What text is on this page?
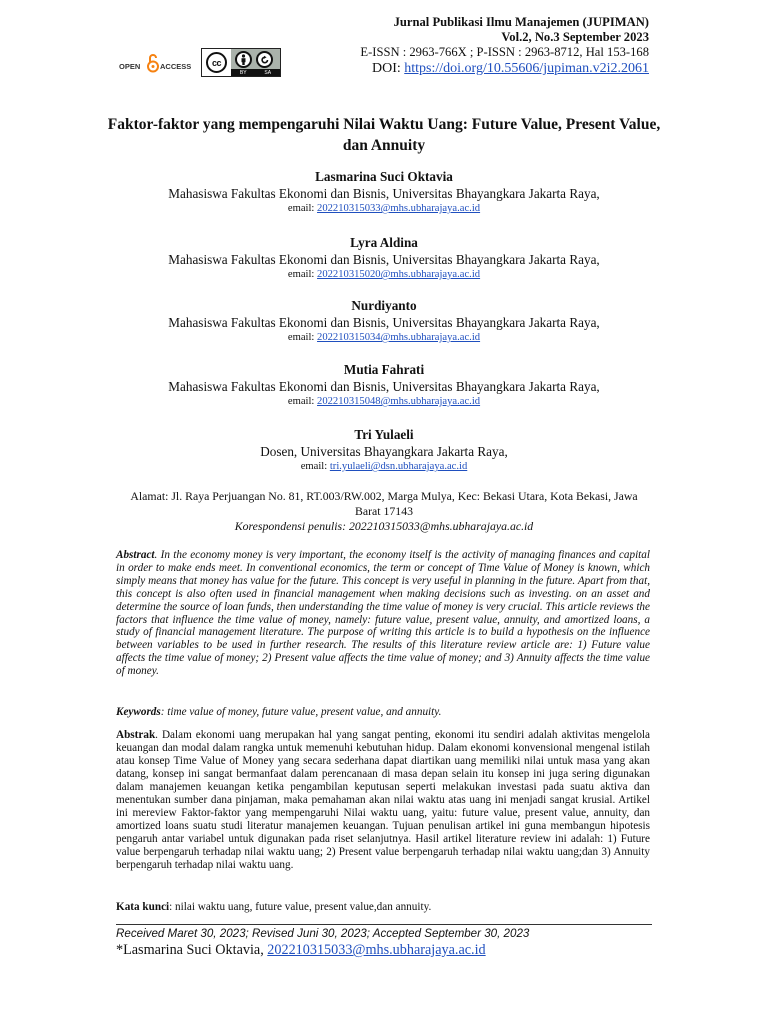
Jurnal Publikasi Ilmu Manajemen (JUPIMAN)
Vol.2, No.3 September 2023
E-ISSN : 2963-766X ; P-ISSN : 2963-8712, Hal 153-168
DOI: https://doi.org/10.55606/jupiman.v2i2.2061
OPEN	ACCESS	cc
BY	SA
Faktor-faktor yang mempengaruhi Nilai Waktu Uang: Future Value, Present Value, dan Annuity
Lasmarina Suci Oktavia
Mahasiswa Fakultas Ekonomi dan Bisnis, Universitas Bhayangkara Jakarta Raya,
email: 202210315033@mhs.ubharajaya.ac.id
Lyra Aldina
Mahasiswa Fakultas Ekonomi dan Bisnis, Universitas Bhayangkara Jakarta Raya,
email: 202210315020@mhs.ubharajaya.ac.id
Nurdiyanto
Mahasiswa Fakultas Ekonomi dan Bisnis, Universitas Bhayangkara Jakarta Raya,
email: 202210315034@mhs.ubharajaya.ac.id
Mutia Fahrati
Mahasiswa Fakultas Ekonomi dan Bisnis, Universitas Bhayangkara Jakarta Raya,
email: 202210315048@mhs.ubharajaya.ac.id
Tri Yulaeli
Dosen, Universitas Bhayangkara Jakarta Raya,
email: tri.yulaeli@dsn.ubharajaya.ac.id
Alamat: Jl. Raya Perjuangan No. 81, RT.003/RW.002, Marga Mulya, Kec: Bekasi Utara, Kota Bekasi, Jawa Barat 17143
Korespondensi penulis: 202210315033@mhs.ubharajaya.ac.id
Abstract. In the economy money is very important, the economy itself is the activity of managing finances and capital in order to make ends meet. In conventional economics, the term or concept of Time Value of Money is known, which simply means that money has value for the future. This concept is very useful in planning in the future. Apart from that, this concept is also often used in financial management when making decisions such as investing. on an asset and determine the source of loan funds, then understanding the time value of money is very crucial. This article reviews the factors that influence the time value of money, namely: future value, present value, annuity, and amortized loans, a study of financial management literature. The purpose of writing this article is to build a hypothesis on the influence between variables to be used in further research. The results of this literature review article are: 1) Future value affects the time value of money; 2) Present value affects the time value of money; and 3) Annuity affects the time value of money.
Keywords: time value of money, future value, present value, and annuity.
Abstrak. Dalam ekonomi uang merupakan hal yang sangat penting, ekonomi itu sendiri adalah aktivitas mengelola keuangan dan modal dalam rangka untuk memenuhi kebutuhan hidup. Dalam ekonomi konvensional mengenal istilah atau konsep Time Value of Money yang secara sederhana dapat diartikan uang memiliki nilai untuk masa yang akan datang, konsep ini sangat bermanfaat dalam perencanaan di masa depan selain itu konsep ini juga sering digunakan dalam manajemen keuangan ketika pengambilan keputusan seperti melakukan investasi pada suatu aktiva dan menentukan sumber dana pinjaman, maka pemahaman akan nilai waktu atas uang ini menjadi sangat krusial. Artikel ini mereview Faktor-faktor yang mempengaruhi Nilai waktu uang, yaitu: future value, present value, annuity, dan amortized loans suatu studi literatur manajemen keuangan. Tujuan penulisan artikel ini guna membangun hipotesis pengaruh antar variabel untuk digunakan pada riset selanjutnya. Hasil artikel literature review ini adalah: 1) Future value berpengaruh terhadap nilai waktu uang; 2) Present value berpengaruh terhadap nilai waktu uang;dan 3) Annuity berpengaruh terhadap nilai waktu uang.
Kata kunci: nilai waktu uang, future value, present value,dan annuity.
Received Maret 30, 2023; Revised Juni 30, 2023; Accepted September 30, 2023
*Lasmarina Suci Oktavia, 202210315033@mhs.ubharajaya.ac.id
